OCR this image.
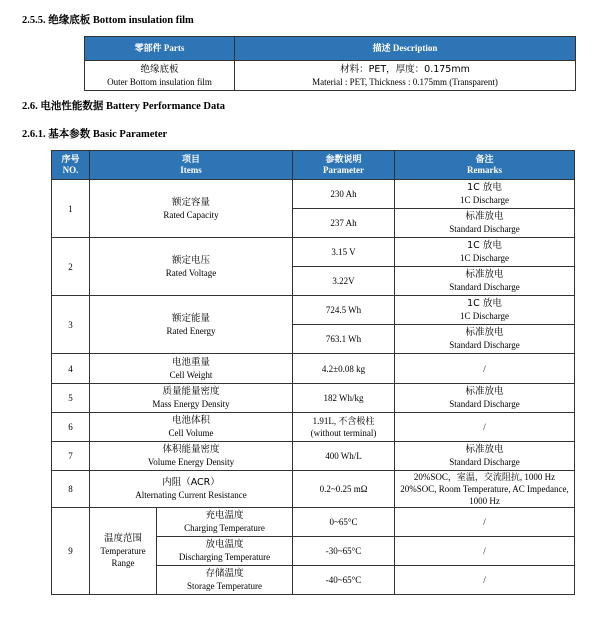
2.5.5. 绝缘底板 Bottom insulation film
零部件 Parts	描述 Description

绝缘底板
Outer Bottom insulation film	材料：PET，厚度：0.175mm
Material : PET, Thickness : 0.175mm (Transparent)
2.6. 电池性能数据 Battery Performance Data
2.6.1. 基本参数 Basic Parameter
序号
NO.	项目
Items		参数说明
Parameter	备注
Remarks

1	额定容量
Rated Capacity		230 Ah	1C 放电
1C Discharge

			237 Ah	标准放电
Standard Discharge

2	额定电压
Rated Voltage		3.15 V	1C 放电
1C Discharge

			3.22V	标准放电
Standard Discharge

3	额定能量
Rated Energy		724.5 Wh	1C 放电
1C Discharge

			763.1 Wh	标准放电
Standard Discharge

4	电池重量
Cell Weight		4.2±0.08 kg	/
5	质量能量密度
Mass Energy Density		182 Wh/kg	标准放电
Standard Discharge

6	电池体积
Cell Volume		1.91L, 不含极柱
(without terminal)	/
7	体积能量密度
Volume Energy Density		400 Wh/L	标准放电
Standard Discharge

8	内阻（ACR）
Alternating Current Resistance		0.2~0.25 mΩ	20%SOC，室温，交流阻抗, 1000 Hz
20%SOC, Room Temperature, AC Impedance, 1000 Hz

9	温度范围
Temperature
Range	充电温度
Charging Temperature	0~65°C	/

		放电温度
Discharging Temperature	-30~65°C	/

		存储温度
Storage Temperature	-40~65°C	/
